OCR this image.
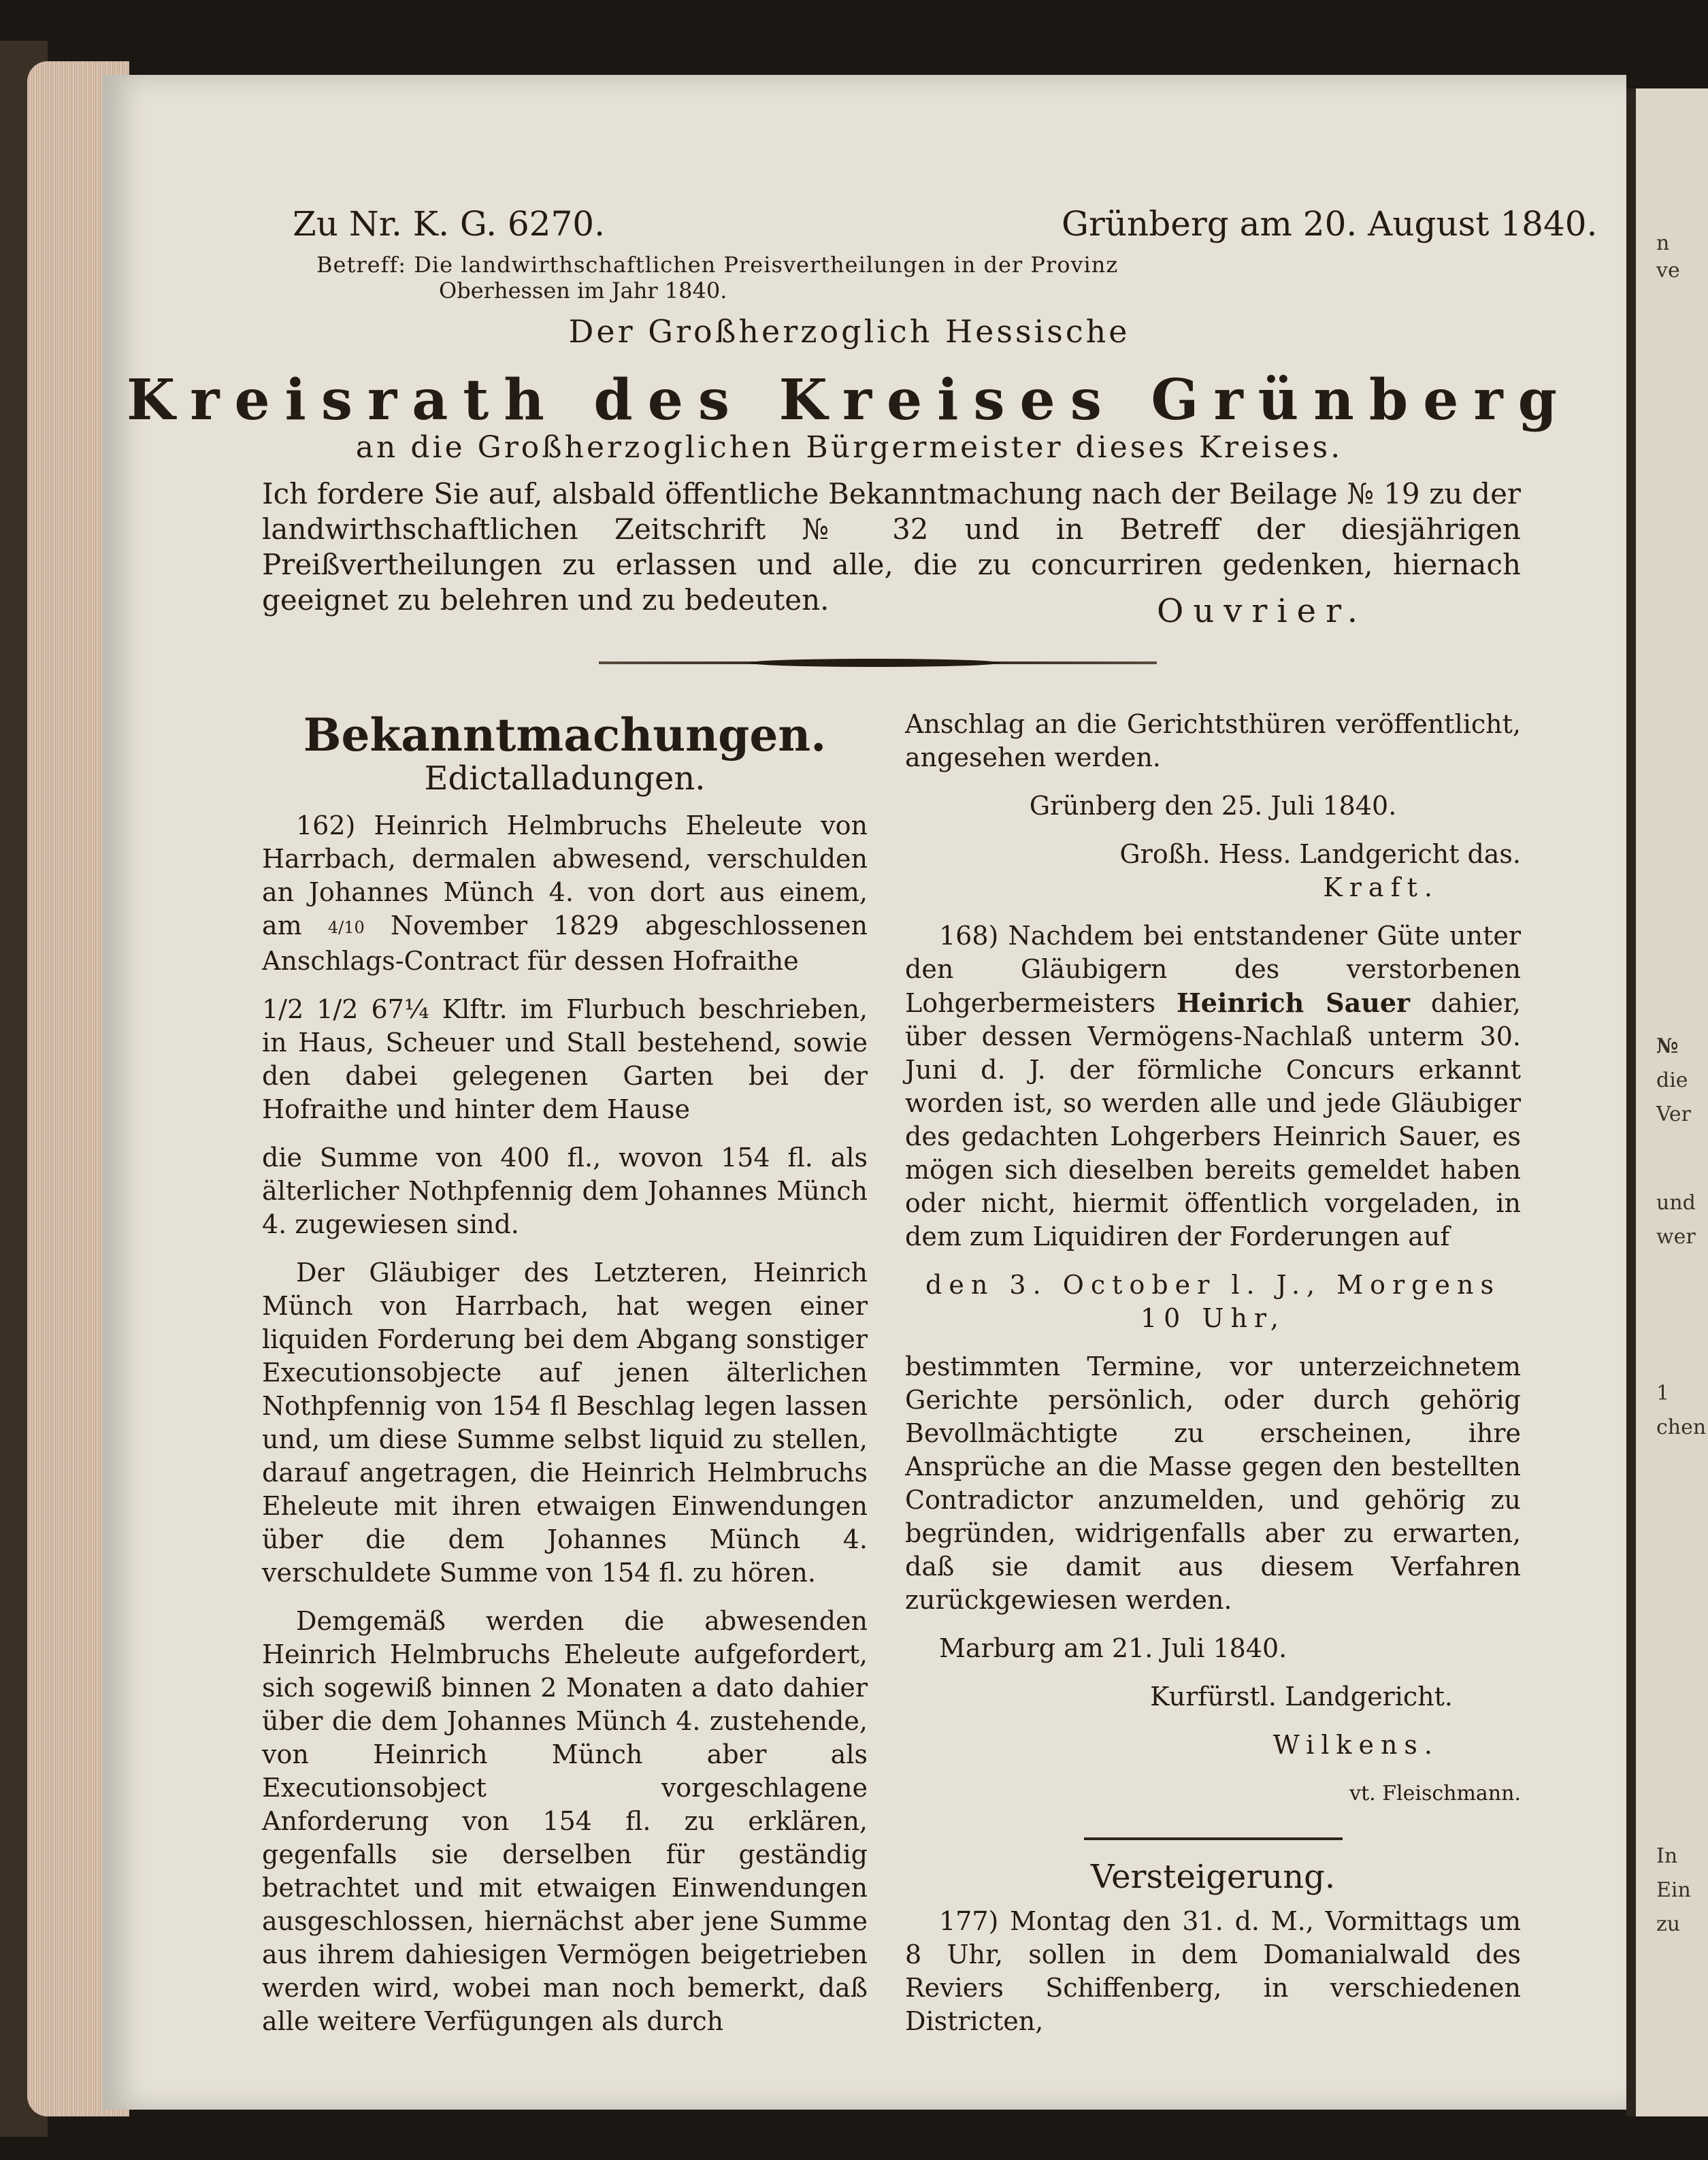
n
ve
№
die
Ver
und
wer
1
chen
In
Ein
zu
Zu Nr. K. G. 6270.	Grünberg am 20. August 1840.
Betreff: Die landwirthschaftlichen Preisvertheilungen in der Provinz
Oberhessen im Jahr 1840.
Der Großherzoglich Hessische
Kreisrath des Kreises Grünberg
an die Großherzoglichen Bürgermeister dieses Kreises.
Ich fordere Sie auf, alsbald öffentliche Bekanntmachung nach der Beilage № 19 zu der landwirthschaftlichen Zeitschrift № 32 und in Betreff der diesjährigen Preißvertheilungen zu erlassen und alle, die zu concurriren gedenken, hiernach geeignet zu belehren und zu bedeuten.	Ouvrier.
Bekanntmachungen.
Edictalladungen.

162) Heinrich Helmbruchs Eheleute von Harrbach, dermalen abwesend, verschulden an Johannes Münch 4. von dort aus einem, am 4/10 November 1829 abgeschlossenen Anschlags-Contract für dessen Hofraithe

1/2 1/2 67¼ Klftr. im Flurbuch beschrieben, in Haus, Scheuer und Stall bestehend, sowie den dabei gelegenen Garten bei der Hofraithe und hinter dem Hause

die Summe von 400 fl., wovon 154 fl. als älterlicher Nothpfennig dem Johannes Münch 4. zugewiesen sind.

Der Gläubiger des Letzteren, Heinrich Münch von Harrbach, hat wegen einer liquiden Forderung bei dem Abgang sonstiger Executionsobjecte auf jenen älterlichen Nothpfennig von 154 fl Beschlag legen lassen und, um diese Summe selbst liquid zu stellen, darauf angetragen, die Heinrich Helmbruchs Eheleute mit ihren etwaigen Einwendungen über die dem Johannes Münch 4. verschuldete Summe von 154 fl. zu hören.

Demgemäß werden die abwesenden Heinrich Helmbruchs Eheleute aufgefordert, sich sogewiß binnen 2 Monaten a dato dahier über die dem Johannes Münch 4. zustehende, von Heinrich Münch aber als Executionsobject vorgeschlagene Anforderung von 154 fl. zu erklären, gegenfalls sie derselben für geständig betrachtet und mit etwaigen Einwendungen ausgeschlossen, hiernächst aber jene Summe aus ihrem dahiesigen Vermögen beigetrieben werden wird, wobei man noch bemerkt, daß alle weitere Verfügungen als durch

Anschlag an die Gerichtsthüren veröffentlicht, angesehen werden.

Grünberg den 25. Juli 1840.

Großh. Hess. Landgericht das.

Kraft.

168) Nachdem bei entstandener Güte unter den Gläubigern des verstorbenen Lohgerbermeisters Heinrich Sauer dahier, über dessen Vermögens-Nachlaß unterm 30. Juni d. J. der förmliche Concurs erkannt worden ist, so werden alle und jede Gläubiger des gedachten Lohgerbers Heinrich Sauer, es mögen sich dieselben bereits gemeldet haben oder nicht, hiermit öffentlich vorgeladen, in dem zum Liquidiren der Forderungen auf

den 3. October l. J., Morgens 10 Uhr,

bestimmten Termine, vor unterzeichnetem Gerichte persönlich, oder durch gehörig Bevollmächtigte zu erscheinen, ihre Ansprüche an die Masse gegen den bestellten Contradictor anzumelden, und gehörig zu begründen, widrigenfalls aber zu erwarten, daß sie damit aus diesem Verfahren zurückgewiesen werden.

Marburg am 21. Juli 1840.

Kurfürstl. Landgericht.

Wilkens.

vt. Fleischmann.

Versteigerung.

177) Montag den 31. d. M., Vormittags um 8 Uhr, sollen in dem Domanialwald des Reviers Schiffenberg, in verschiedenen Districten,
